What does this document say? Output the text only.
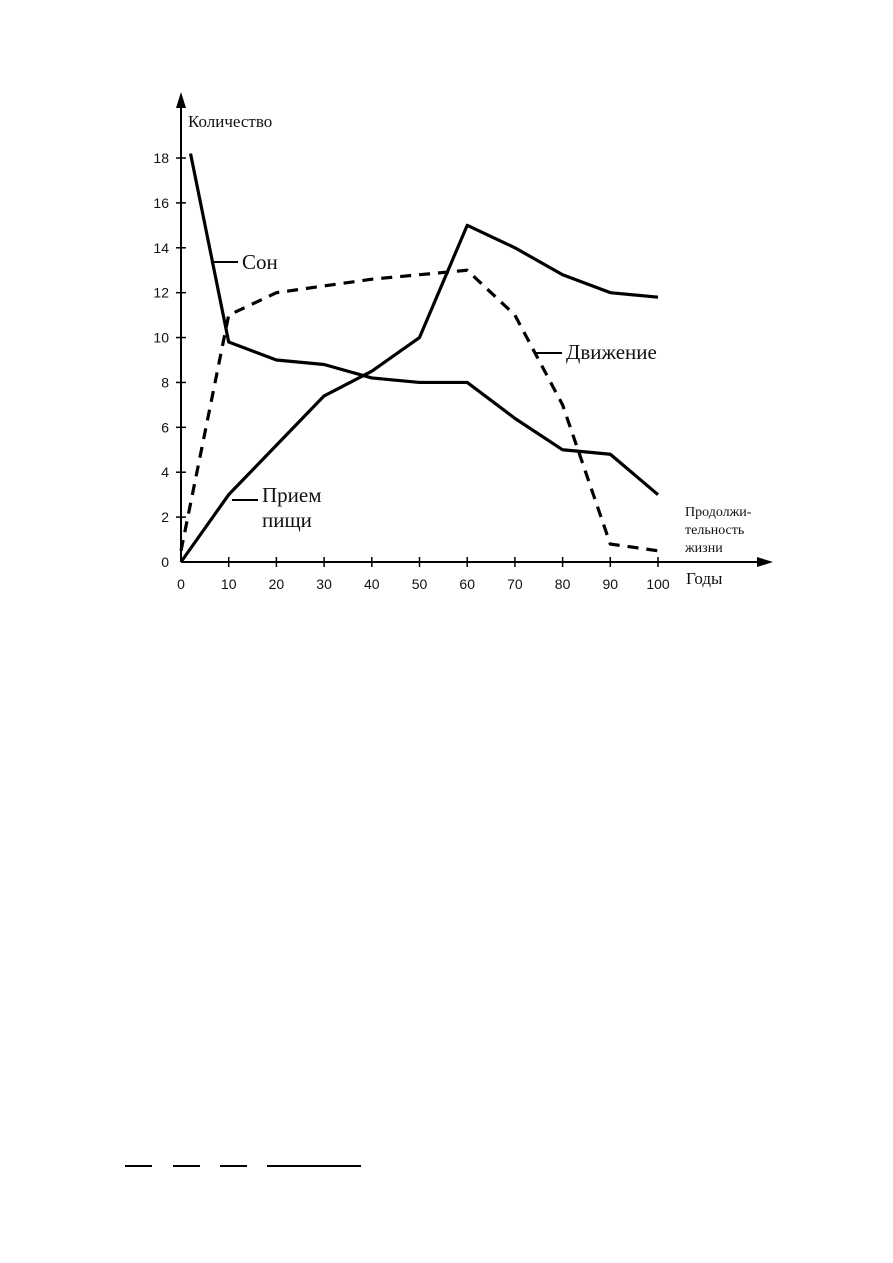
0
2
4
6
8
10
12
14
16
18
0	10 20 30 40 50 60 70 80 90 100
Сон
Прием
пищи
Движение
Количество
Годы
Продолжи-
тельность
жизни
